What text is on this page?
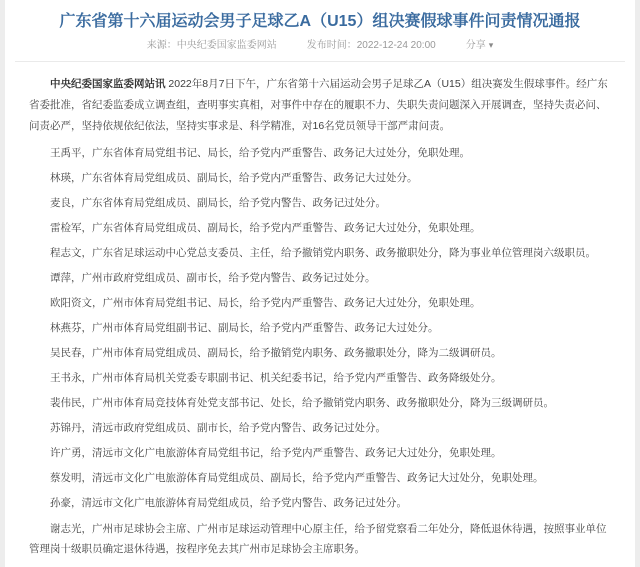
广东省第十六届运动会男子足球乙A（U15）组决赛假球事件问责情况通报
来源：中央纪委国家监委网站	发布时间：2022-12-24 20:00	分享 ▾

中央纪委国家监委网站讯 2022年8月7日下午，广东省第十六届运动会男子足球乙A（U15）组决赛发生假球事件。经广东省委批准，省纪委监委成立调查组，查明事实真相，对事件中存在的履职不力、失职失责问题深入开展调查，坚持失责必问、问责必严，坚持依规依纪依法，坚持实事求是、科学精准，对16名党员领导干部严肃问责。

王禹平，广东省体育局党组书记、局长，给予党内严重警告、政务记大过处分，免职处理。

林瑛，广东省体育局党组成员、副局长，给予党内严重警告、政务记大过处分。

麦良，广东省体育局党组成员、副局长，给予党内警告、政务记过处分。

雷检军，广东省体育局党组成员、副局长，给予党内严重警告、政务记大过处分，免职处理。

程志文，广东省足球运动中心党总支委员、主任，给予撤销党内职务、政务撤职处分，降为事业单位管理岗六级职员。

谭萍，广州市政府党组成员、副市长，给予党内警告、政务记过处分。

欧阳资文，广州市体育局党组书记、局长，给予党内严重警告、政务记大过处分，免职处理。

林燕芬，广州市体育局党组副书记、副局长，给予党内严重警告、政务记大过处分。

吴民春，广州市体育局党组成员、副局长，给予撤销党内职务、政务撤职处分，降为二级调研员。

王书永，广州市体育局机关党委专职副书记、机关纪委书记，给予党内严重警告、政务降级处分。

裴伟民，广州市体育局竞技体育处党支部书记、处长，给予撤销党内职务、政务撤职处分，降为三级调研员。

苏锦丹，清远市政府党组成员、副市长，给予党内警告、政务记过处分。

许广勇，清远市文化广电旅游体育局党组书记，给予党内严重警告、政务记大过处分，免职处理。

蔡发明，清远市文化广电旅游体育局党组成员、副局长，给予党内严重警告、政务记大过处分，免职处理。

孙豪，清远市文化广电旅游体育局党组成员，给予党内警告、政务记过处分。

谢志光，广州市足球协会主席、广州市足球运动管理中心原主任，给予留党察看二年处分，降低退休待遇，按照事业单位管理岗十级职员确定退休待遇，按程序免去其广州市足球协会主席职务。
